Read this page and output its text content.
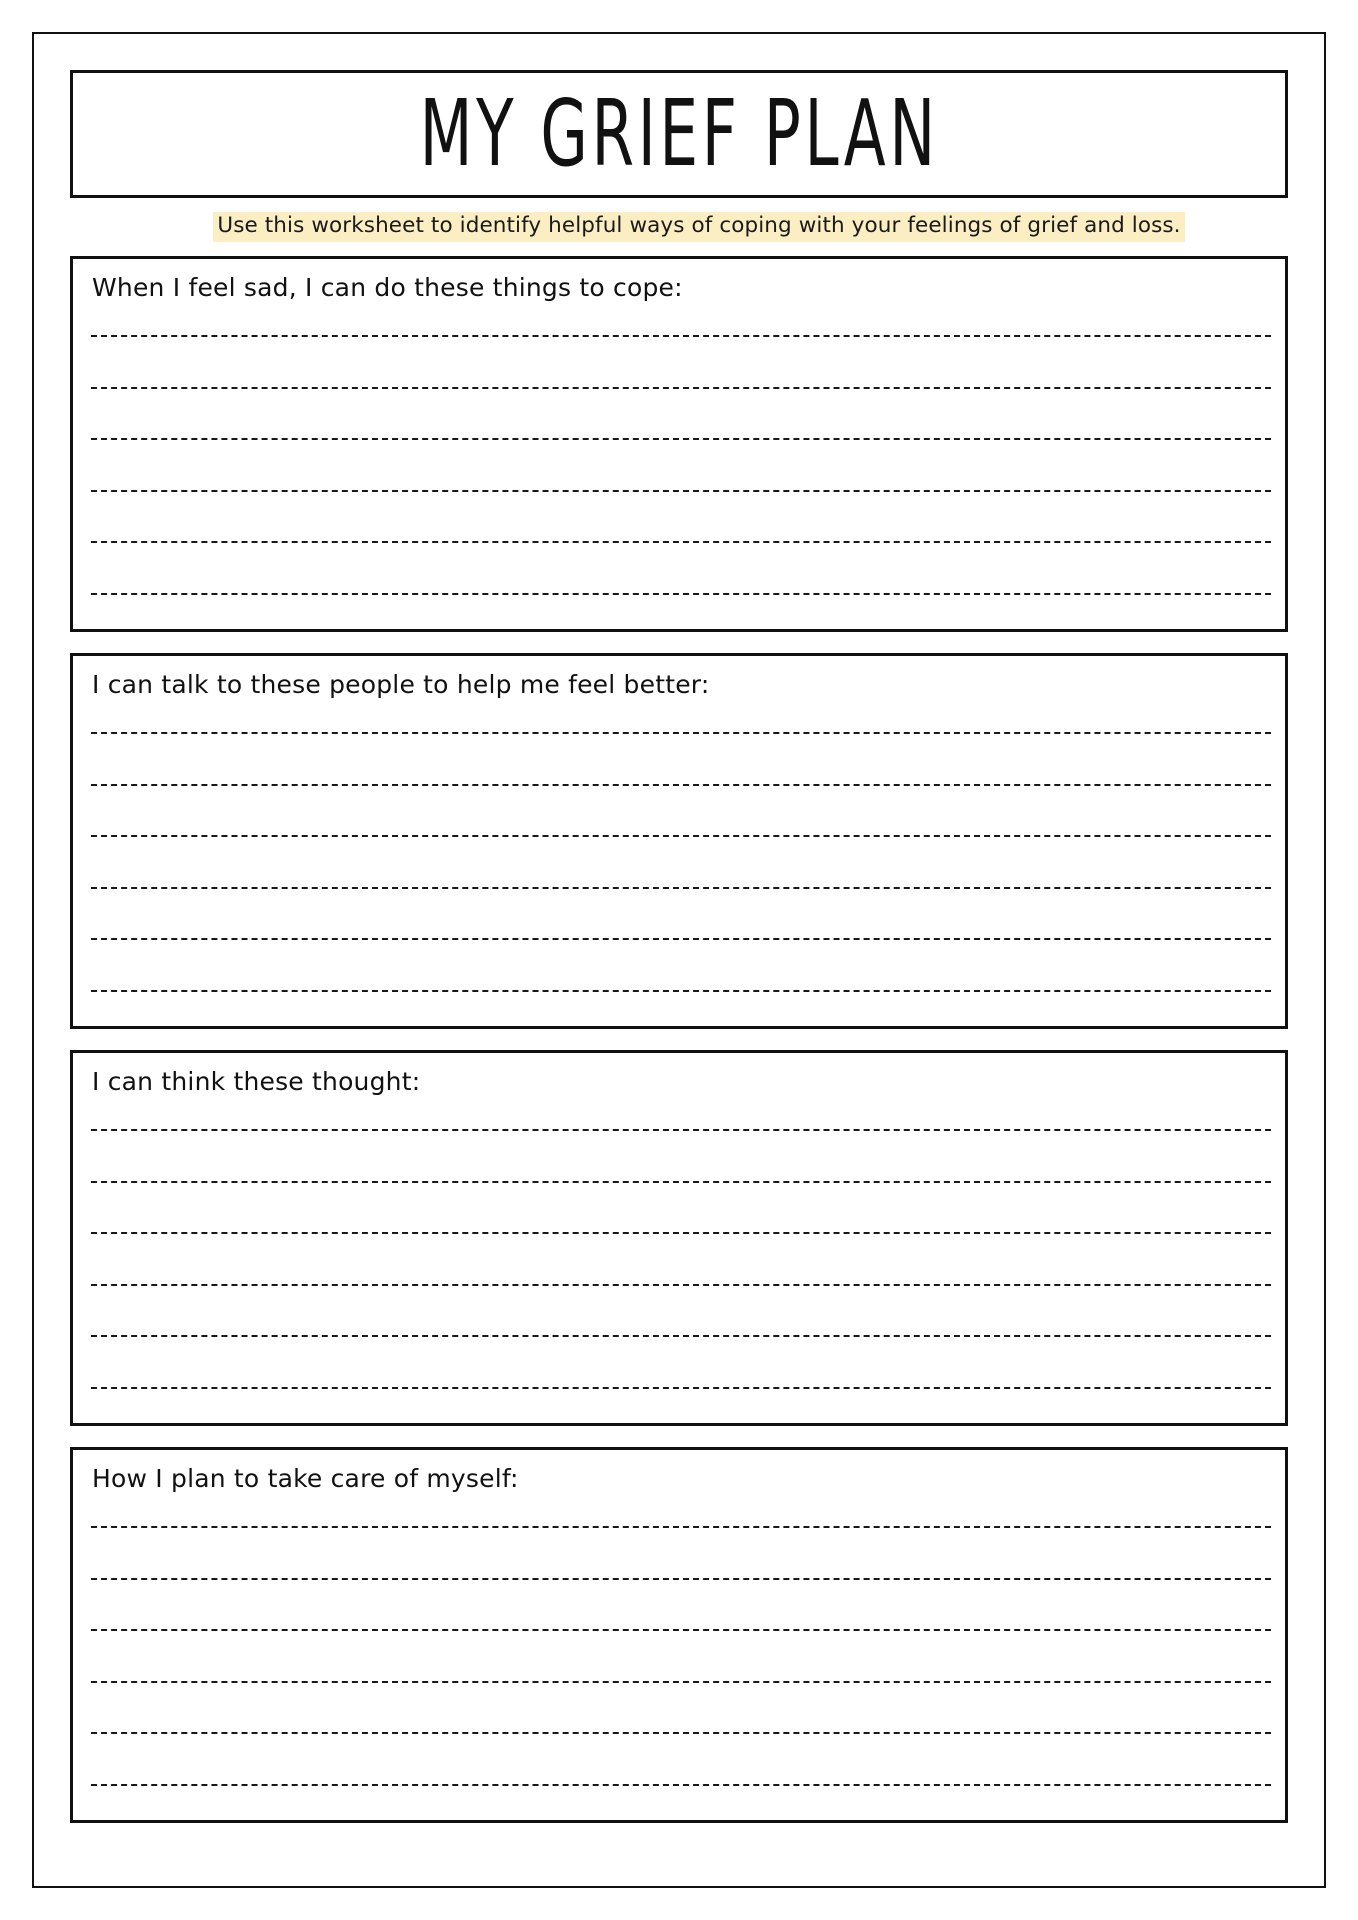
MY GRIEF PLAN
Use this worksheet to identify helpful ways of coping with your feelings of grief and loss.
When I feel sad, I can do these things to cope:
I can talk to these people to help me feel better:
I can think these thought:
How I plan to take care of myself:
